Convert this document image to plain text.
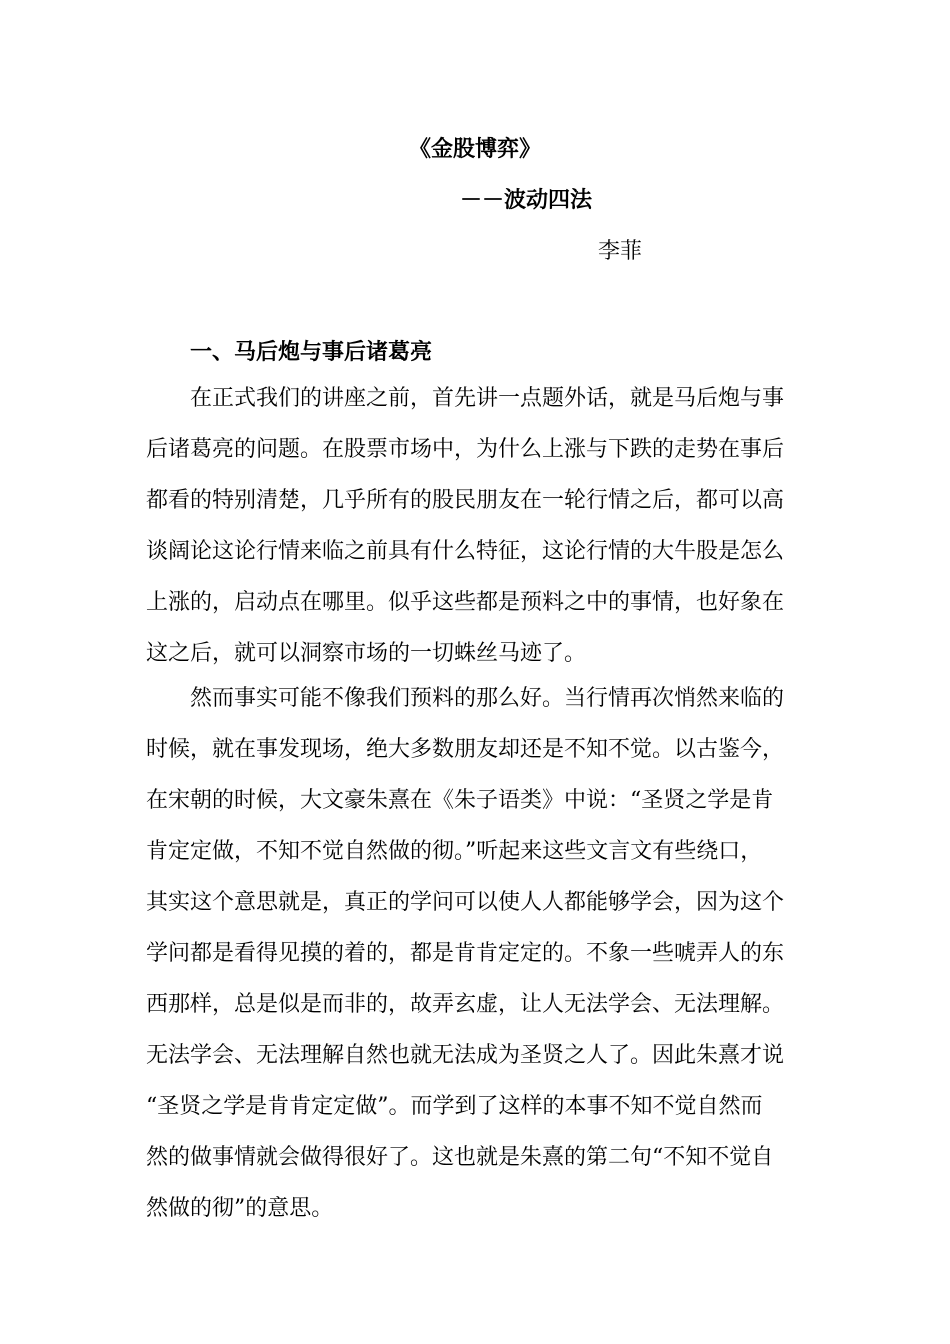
《金股博弈》
－－波动四法
李菲
一、马后炮与事后诸葛亮
在正式我们的讲座之前，首先讲一点题外话，就是马后炮与事
后诸葛亮的问题。在股票市场中，为什么上涨与下跌的走势在事后
都看的特别清楚，几乎所有的股民朋友在一轮行情之后，都可以高
谈阔论这论行情来临之前具有什么特征，这论行情的大牛股是怎么
上涨的，启动点在哪里。似乎这些都是预料之中的事情，也好象在
这之后，就可以洞察市场的一切蛛丝马迹了。
然而事实可能不像我们预料的那么好。当行情再次悄然来临的
时候，就在事发现场，绝大多数朋友却还是不知不觉。以古鉴今，
在宋朝的时候，大文豪朱熹在《朱子语类》中说：“圣贤之学是肯
肯定定做，不知不觉自然做的彻。”听起来这些文言文有些绕口，
其实这个意思就是，真正的学问可以使人人都能够学会，因为这个
学问都是看得见摸的着的，都是肯肯定定的。不象一些唬弄人的东
西那样，总是似是而非的，故弄玄虚，让人无法学会、无法理解。
无法学会、无法理解自然也就无法成为圣贤之人了。因此朱熹才说
“圣贤之学是肯肯定定做”。而学到了这样的本事不知不觉自然而
然的做事情就会做得很好了。这也就是朱熹的第二句“不知不觉自
然做的彻”的意思。
